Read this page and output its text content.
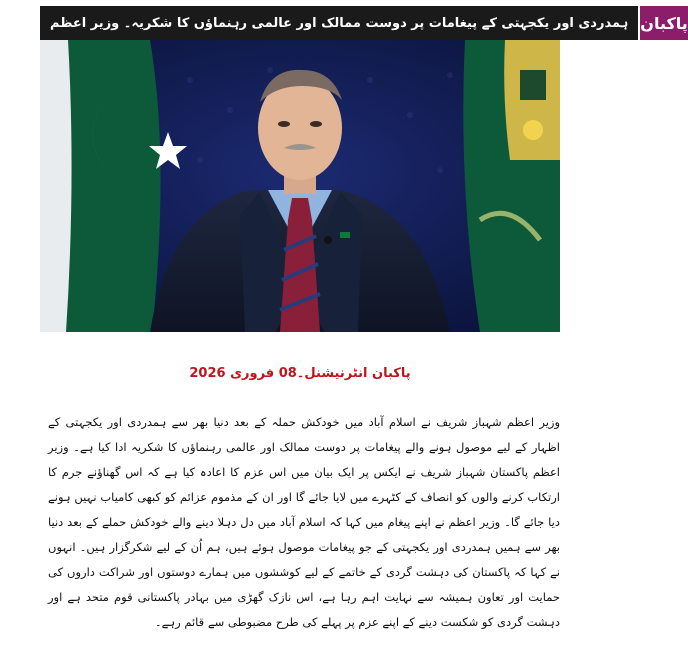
ہمدردی اور یکجہتی کے پیغامات پر دوست ممالک اور عالمی رہنماؤں کا شکریہ۔ وزیر اعظم پاکبان
پاکبان انٹرنیشنل۔08 فروری 2026
وزیر اعظم شہباز شریف نے اسلام آباد میں خودکش حملہ کے بعد دنیا بھر سے ہمدردی اور یکجہتی کے اظہار کے لیے موصول ہونے والے پیغامات پر دوست ممالک اور عالمی رہنماؤں کا شکریہ ادا کیا ہے۔ وزیر اعظم پاکستان شہباز شریف نے ایکس پر ایک بیان میں اس عزم کا اعادہ کیا ہے کہ اس گھناؤنے جرم کا ارتکاب کرنے والوں کو انصاف کے کٹہرے میں لایا جائے گا اور ان کے مذموم عزائم کو کبھی کامیاب نہیں ہونے دیا جائے گا۔ وزیر اعظم نے اپنے پیغام میں کہا کہ اسلام آباد میں دل دہلا دینے والے خودکش حملے کے بعد دنیا بھر سے ہمیں ہمدردی اور یکجہتی کے جو پیغامات موصول ہوئے ہیں، ہم اُن کے لیے شکرگزار ہیں۔ انہوں نے کہا کہ پاکستان کی دہشت گردی کے خاتمے کے لیے کوششوں میں ہمارے دوستوں اور شراکت داروں کی حمایت اور تعاون ہمیشہ سے نہایت اہم رہا ہے، اس نازک گھڑی میں بہادر پاکستانی قوم متحد ہے اور دہشت گردی کو شکست دینے کے اپنے عزم پر پہلے کی طرح مضبوطی سے قائم رہے۔
